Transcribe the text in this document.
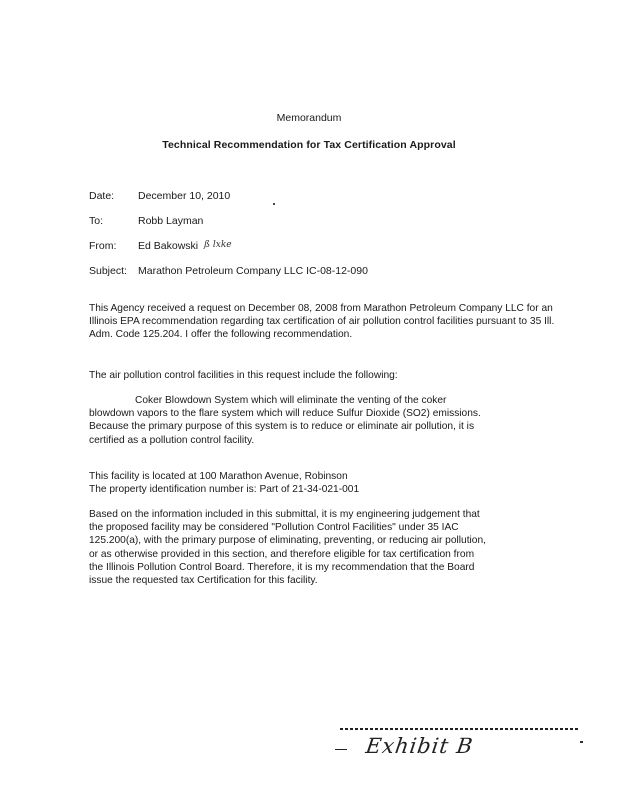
Memorandum
Technical Recommendation for Tax Certification Approval
Date: December 10, 2010
To:	Robb Layman
From: Ed Bakowski ß lxke
Subject: Marathon Petroleum Company LLC IC-08-12-090
This Agency received a request on December 08, 2008 from Marathon Petroleum Company LLC for an
Illinois EPA recommendation regarding tax certification of air pollution control facilities pursuant to 35 Ill.
Adm. Code 125.204. I offer the following recommendation.
The air pollution control facilities in this request include the following:
Coker Blowdown System which will eliminate the venting of the coker
blowdown vapors to the flare system which will reduce Sulfur Dioxide (SO2) emissions.
Because the primary purpose of this system is to reduce or eliminate air pollution, it is
certified as a pollution control facility.
This facility is located at 100 Marathon Avenue, Robinson
The property identification number is: Part of 21-34-021-001
Based on the information included in this submittal, it is my engineering judgement that
the proposed facility may be considered "Pollution Control Facilities" under 35 IAC
125.200(a), with the primary purpose of eliminating, preventing, or reducing air pollution,
or as otherwise provided in this section, and therefore eligible for tax certification from
the Illinois Pollution Control Board. Therefore, it is my recommendation that the Board
issue the requested tax Certification for this facility.
Exhibit B
